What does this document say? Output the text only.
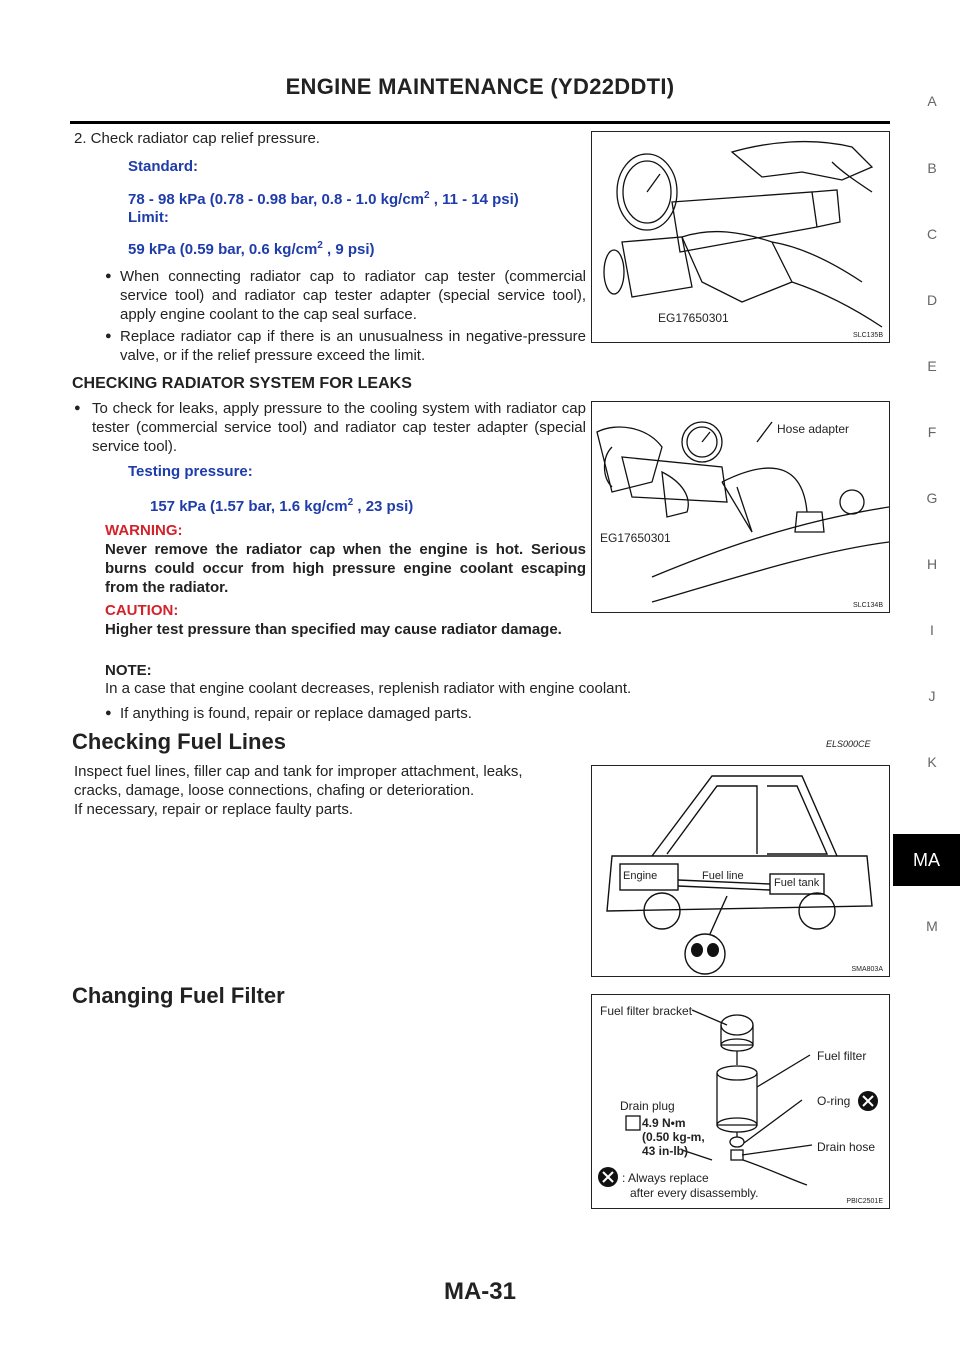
ENGINE MAINTENANCE (YD22DDTI)
A
B
C
D
E
F
G
H
I
J
K
MA
M
2. Check radiator cap relief pressure.
Standard:
78 - 98 kPa (0.78 - 0.98 bar, 0.8 - 1.0 $kg/cm^2$ , 11 - 14 psi)
Limit:
59 kPa (0.59 bar, 0.6 $kg/cm^2$ , 9 psi)
● When connecting radiator cap to radiator cap tester (commercial service tool) and radiator cap tester adapter (special service tool), apply engine coolant to the cap seal surface.
● Replace radiator cap if there is an unusualness in negative-pressure valve, or if the relief pressure exceed the limit.
CHECKING RADIATOR SYSTEM FOR LEAKS
● To check for leaks, apply pressure to the cooling system with radiator cap tester (commercial service tool) and radiator cap tester adapter (special service tool).
Testing pressure:
157 kPa (1.57 bar, 1.6 $kg/cm^2$ , 23 psi)
WARNING:
Never remove the radiator cap when the engine is hot. Serious burns could occur from high pressure engine coolant escaping from the radiator.
CAUTION:
Higher test pressure than specified may cause radiator damage.
NOTE:
In a case that engine coolant decreases, replenish radiator with engine coolant.
● If anything is found, repair or replace damaged parts.
Checking Fuel Lines	ELS000CE
Inspect fuel lines, filler cap and tank for improper attachment, leaks,
cracks, damage, loose connections, chafing or deterioration.
If necessary, repair or replace faulty parts.
Changing Fuel Filter
EG17650301
SLC135B
Hose adapter
EG17650301
SLC134B
Engine	Fuel line
Fuel tank
SMA803A
Fuel filter bracket
Fuel filter
Drain plug	O-ring
4.9 N•m
(0.50 kg-m,
43 in-lb)	Drain hose
: Always replace
after every disassembly.
PBIC2501E
MA-31
